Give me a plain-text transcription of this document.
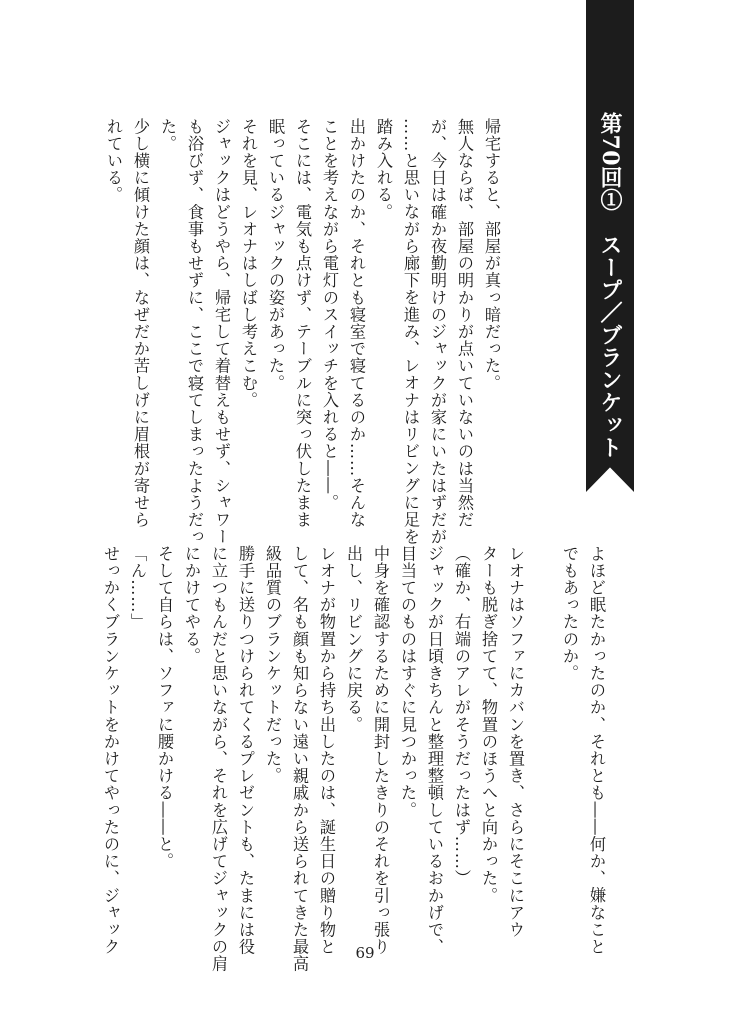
第70回①　スープ／ブランケット
帰宅すると、部屋が真っ暗だった。
無人ならば、部屋の明かりが点いていないのは当然だ
が、今日は確か夜勤明けのジャックが家にいたはずだが
……と思いながら廊下を進み、レオナはリビングに足を
踏み入れる。
出かけたのか、それとも寝室で寝てるのか……そんな
ことを考えながら電灯のスイッチを入れると――。
そこには、電気も点けず、テーブルに突っ伏したまま
眠っているジャックの姿があった。
それを見、レオナはしばし考えこむ。
ジャックはどうやら、帰宅して着替えもせず、シャワー
も浴びず、食事もせずに、ここで寝てしまったようだっ
た。
少し横に傾けた顔は、なぜだか苦しげに眉根が寄せら
れている。
よほど眠たかったのか、それとも――何か、嫌なこと
でもあったのか。

レオナはソファにカバンを置き、さらにそこにアウ
ターも脱ぎ捨てて、物置のほうへと向かった。
（確か、右端のアレがそうだったはず……）
ジャックが日頃きちんと整理整頓しているおかげで、
目当てのものはすぐに見つかった。
中身を確認するために開封したきりのそれを引っ張り
出し、リビングに戻る。
レオナが物置から持ち出したのは、誕生日の贈り物と
して、名も顔も知らない遠い親戚から送られてきた最高
級品質のブランケットだった。
勝手に送りつけられてくるプレゼントも、たまには役
に立つもんだと思いながら、それを広げてジャックの肩
にかけてやる。
そして自らは、ソファに腰かける――と。
「ん……」
せっかくブランケットをかけてやったのに、ジャック	69
